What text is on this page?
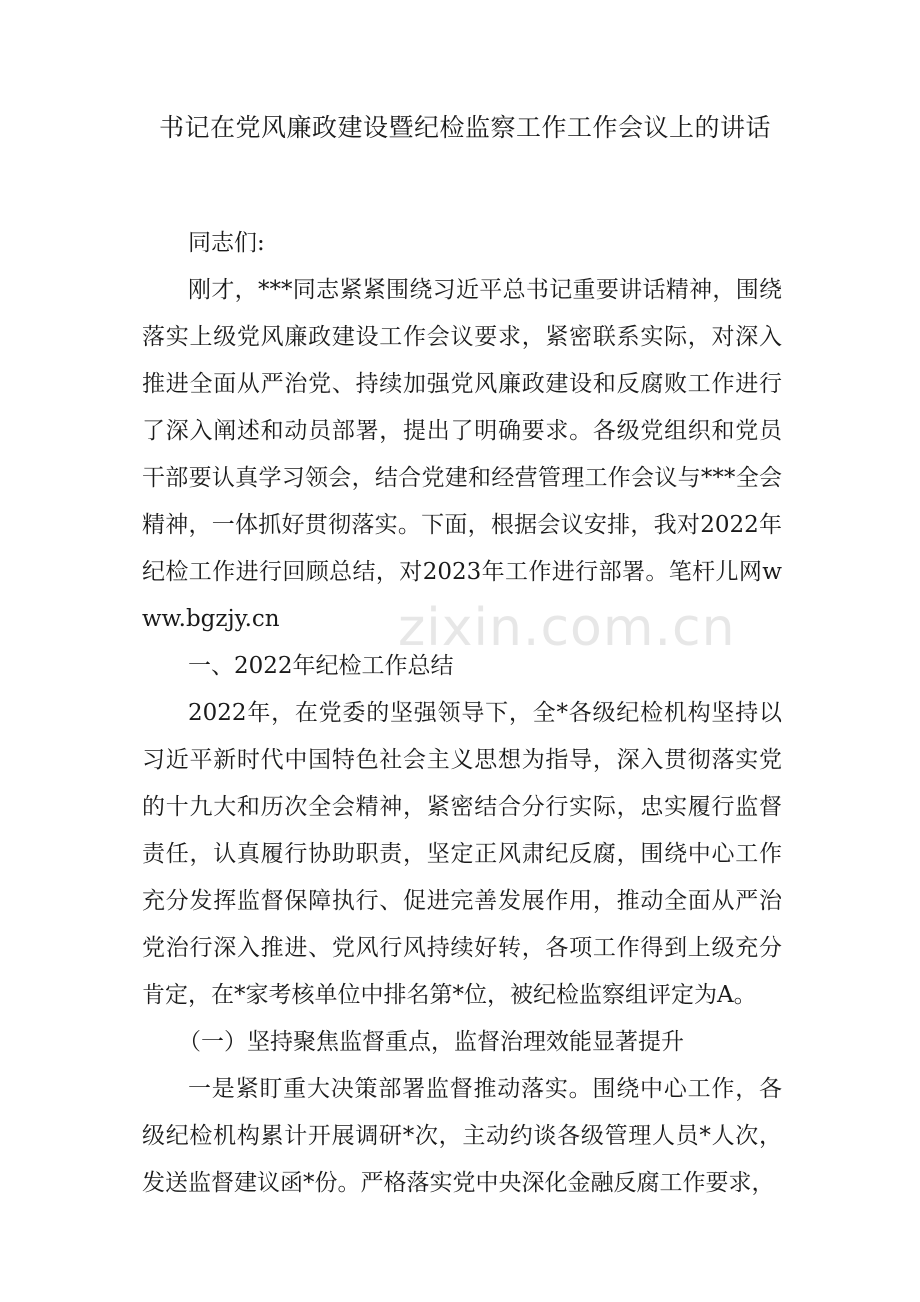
书记在党风廉政建设暨纪检监察工作工作会议上的讲话

同志们:

刚才，***同志紧紧围绕习近平总书记重要讲话精神，围绕落实上级党风廉政建设工作会议要求，紧密联系实际，对深入推进全面从严治党、持续加强党风廉政建设和反腐败工作进行了深入阐述和动员部署，提出了明确要求。各级党组织和党员干部要认真学习领会，结合党建和经营管理工作会议与***全会精神，一体抓好贯彻落实。下面，根据会议安排，我对2022年纪检工作进行回顾总结，对2023年工作进行部署。笔杆儿网www.bgzjy.cn

一、2022年纪检工作总结

2022年，在党委的坚强领导下，全*各级纪检机构坚持以习近平新时代中国特色社会主义思想为指导，深入贯彻落实党的十九大和历次全会精神，紧密结合分行实际，忠实履行监督责任，认真履行协助职责，坚定正风肃纪反腐，围绕中心工作充分发挥监督保障执行、促进完善发展作用，推动全面从严治党治行深入推进、党风行风持续好转，各项工作得到上级充分肯定，在*家考核单位中排名第*位，被纪检监察组评定为A。

（一）坚持聚焦监督重点，监督治理效能显著提升

一是紧盯重大决策部署监督推动落实。围绕中心工作，各级纪检机构累计开展调研*次，主动约谈各级管理人员*人次，发送监督建议函*份。严格落实党中央深化金融反腐工作要求，

zixin.com.cn
